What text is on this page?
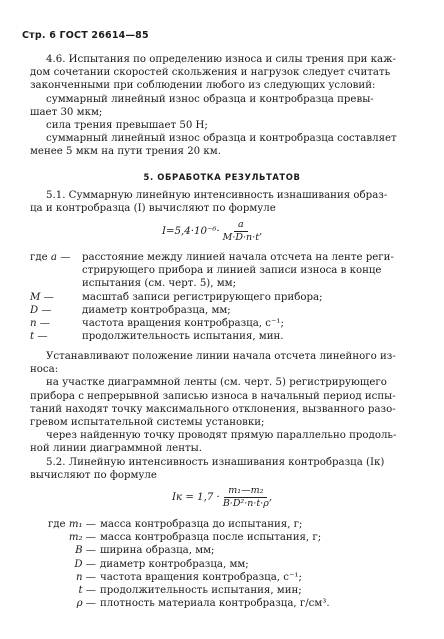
Стр. 6 ГОСТ 26614—85

4.6. Испытания по определению износа и силы трения при каж-

дом сочетании скоростей скольжения и нагрузок следует считать

законченными при соблюдении любого из следующих условий:

суммарный линейный износ образца и контробразца превы-

шает 30 мкм;

сила трения превышает 50 Н;

суммарный линейный износ образца и контробразца составляет

менее 5 мкм на пути трения 20 км.

5. ОБРАБОТКА РЕЗУЛЬТАТОВ

5.1. Суммарную линейную интенсивность изнашивания образ-

ца и контробразца (I) вычисляют по формуле

$I=5,4\cdot 10^{-6}\cdot \frac{a}{M\cdot D\cdot n\cdot t}$ ,
где a —	расстояние между линией начала отсчета на ленте реги-
стрирующего прибора и линией записи износа в конце
испытания (см. черт. 5), мм;
M —	масштаб записи регистрирующего прибора;
D —	диаметр контробразца, мм;
n —	частота вращения контробразца, с⁻¹;
t —	продолжительность испытания, мин.

Устанавливают положение линии начала отсчета линейного из-

носа:

на участке диаграммной ленты (см. черт. 5) регистрирующего

прибора с непрерывной записью износа в начальный период испы-

таний находят точку максимального отклонения, вызванного разо-

гревом испытательной системы установки;

через найденную точку проводят прямую параллельно продоль-

ной линии диаграммной ленты.

5.2. Линейную интенсивность изнашивания контробразца (Iк)

вычисляют по формуле

Iк = $1,7 \cdot \frac{\text{m₁—m₂}}{\text{B·D²·n·t·ρ}}$ ,
где m₁ — масса контробразца до испытания, г;
m₂ — масса контробразца после испытания, г;
B — ширина образца, мм;
D — диаметр контробразца, мм;
n — частота вращения контробразца, с⁻¹;
t — продолжительность испытания, мин;
ρ — плотность материала контробразца, г/см³.
